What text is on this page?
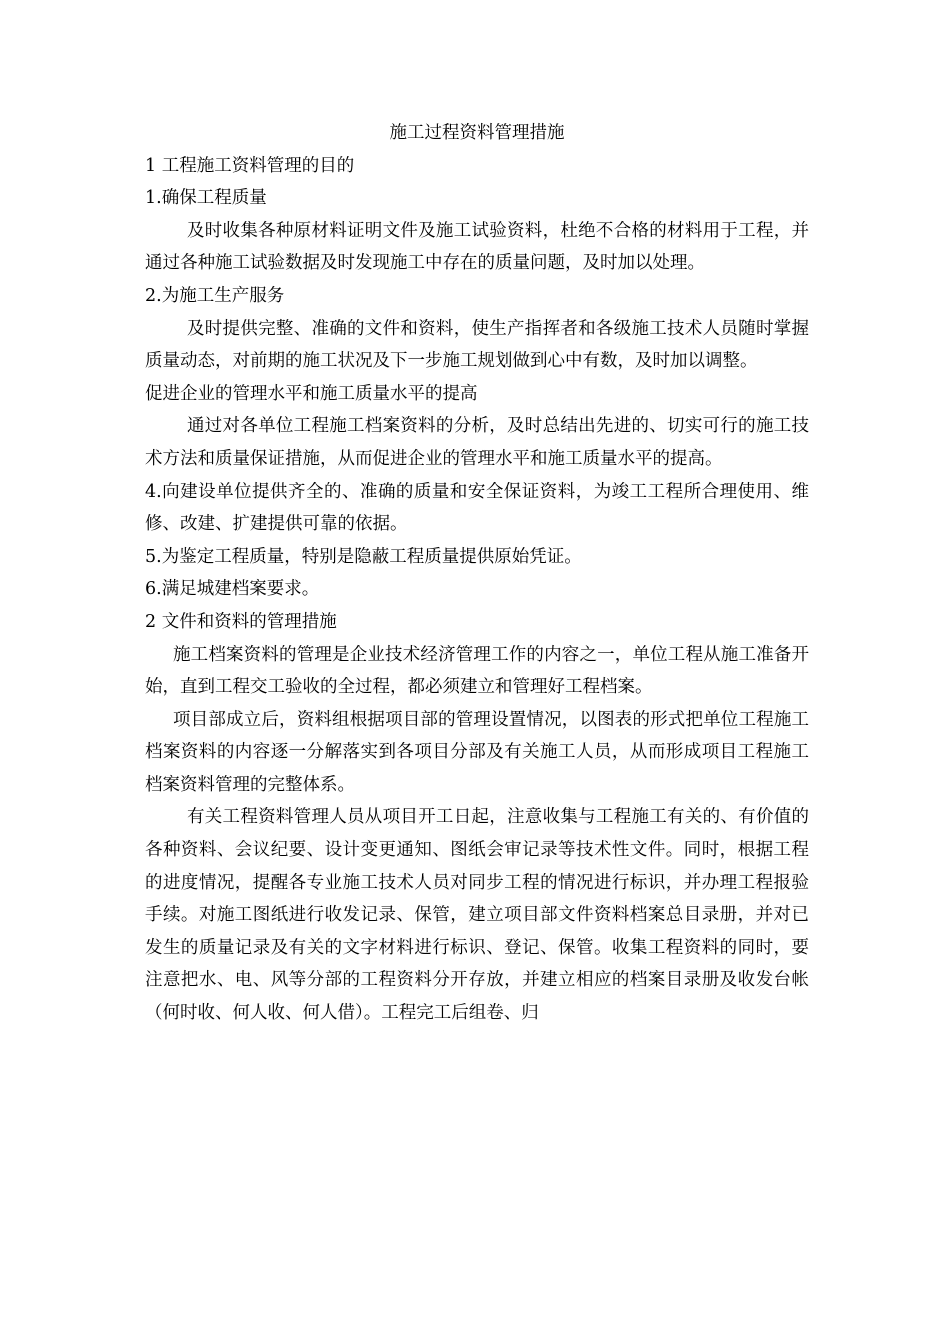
施工过程资料管理措施

1 工程施工资料管理的目的

1.确保工程质量

及时收集各种原材料证明文件及施工试验资料，杜绝不合格的材料用于工程，并通过各种施工试验数据及时发现施工中存在的质量问题，及时加以处理。

2.为施工生产服务

及时提供完整、准确的文件和资料，使生产指挥者和各级施工技术人员随时掌握质量动态，对前期的施工状况及下一步施工规划做到心中有数，及时加以调整。

促进企业的管理水平和施工质量水平的提高

通过对各单位工程施工档案资料的分析，及时总结出先进的、切实可行的施工技术方法和质量保证措施，从而促进企业的管理水平和施工质量水平的提高。

4.向建设单位提供齐全的、准确的质量和安全保证资料，为竣工工程所合理使用、维修、改建、扩建提供可靠的依据。

5.为鉴定工程质量，特别是隐蔽工程质量提供原始凭证。

6.满足城建档案要求。

2 文件和资料的管理措施

施工档案资料的管理是企业技术经济管理工作的内容之一，单位工程从施工准备开始，直到工程交工验收的全过程，都必须建立和管理好工程档案。

项目部成立后，资料组根据项目部的管理设置情况，以图表的形式把单位工程施工档案资料的内容逐一分解落实到各项目分部及有关施工人员，从而形成项目工程施工档案资料管理的完整体系。

有关工程资料管理人员从项目开工日起，注意收集与工程施工有关的、有价值的各种资料、会议纪要、设计变更通知、图纸会审记录等技术性文件。同时，根据工程的进度情况，提醒各专业施工技术人员对同步工程的情况进行标识，并办理工程报验手续。对施工图纸进行收发记录、保管，建立项目部文件资料档案总目录册，并对已发生的质量记录及有关的文字材料进行标识、登记、保管。收集工程资料的同时，要注意把水、电、风等分部的工程资料分开存放，并建立相应的档案目录册及收发台帐（何时收、何人收、何人借）。工程完工后组卷、归
